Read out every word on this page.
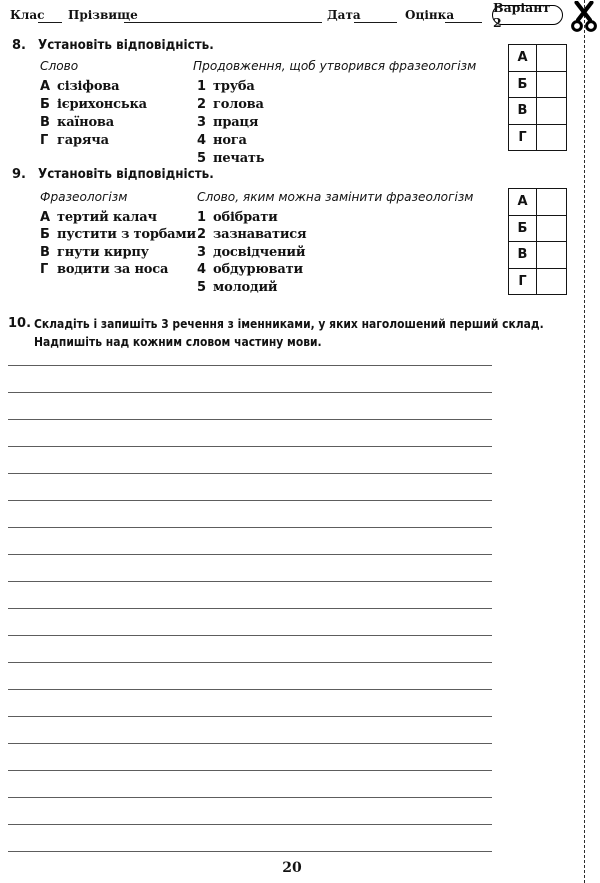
Клас Прізвище	Дата	Оцінка	Варіант 2
8. Установіть відповідність.
Слово	Продовження, щоб утворився фразеологізм
А сізіфова
Б ієрихонська
В каїнова
Г гаряча
1 труба
2 голова
3 праця
4 нога
5 печать
А
Б
В
Г
9. Установіть відповідність.
Фразеологізм	Слово, яким можна замінити фразеологізм
А тертий калач
Б пустити з торбами
В гнути кирпу
Г водити за носа
1 обібрати
2 зазнаватися
3 досвідчений
4 обдурювати
5 молодий
А
Б
В
Г
10. Складіть і запишіть 3 речення з іменниками, у яких наголошений перший склад.
Надпишіть над кожним словом частину мови.
20
